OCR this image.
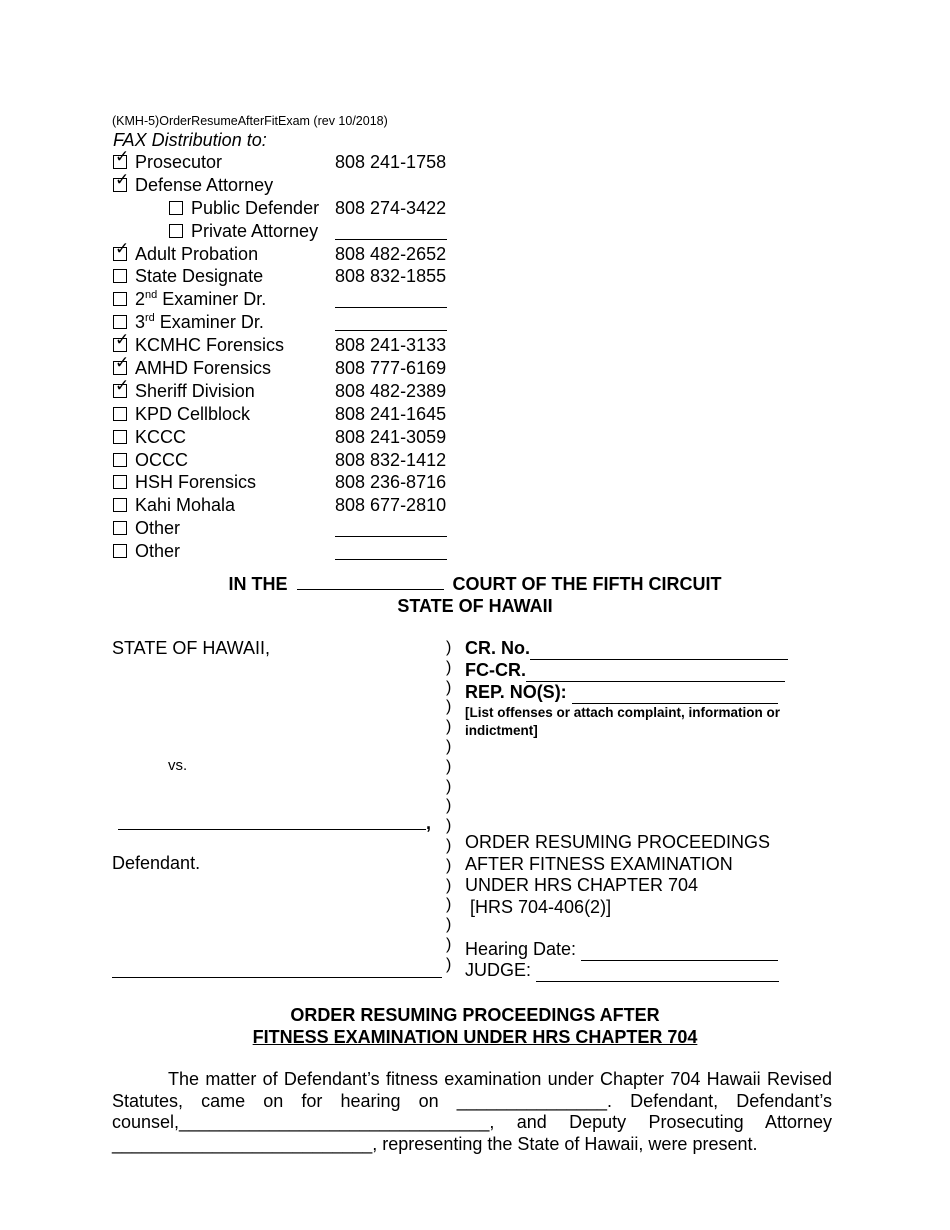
(KMH-5)OrderResumeAfterFitExam (rev 10/2018)
FAX Distribution to:
✓ Prosecutor	808 241-1758
✓ Defense Attorney
Public Defender 808 274-3422
Private Attorney
✓ Adult Probation	808 482-2652
State Designate	808 832-1855
2nd Examiner Dr.
3rd Examiner Dr.
✓ KCMHC Forensics	808 241-3133
✓ AMHD Forensics	808 777-6169
✓ Sheriff Division	808 482-2389
KPD Cellblock	808 241-1645
KCCC	808 241-3059
OCCC	808 832-1412
HSH Forensics	808 236-8716
Kahi Mohala	808 677-2810
Other
Other
IN THE	COURT OF THE FIFTH CIRCUIT
STATE OF HAWAII
STATE OF HAWAII,
vs.
,
Defendant.
)
)
)
)
)
)
)
)
)
)
)
)
)
)
)
)
)
CR. No.
FC-CR.
REP. NO(S):
[List offenses or attach complaint, information or indictment]
ORDER RESUMING PROCEEDINGS
AFTER FITNESS EXAMINATION
UNDER HRS CHAPTER 704
[HRS 704-406(2)]
Hearing Date:
JUDGE:
ORDER RESUMING PROCEEDINGS AFTER
FITNESS EXAMINATION UNDER HRS CHAPTER 704
The matter of Defendant’s fitness examination under Chapter 704 Hawaii Revised Statutes, came on for hearing on _______________. Defendant, Defendant’s counsel,_______________________________, and Deputy Prosecuting Attorney __________________________, representing the State of Hawaii, were present.
